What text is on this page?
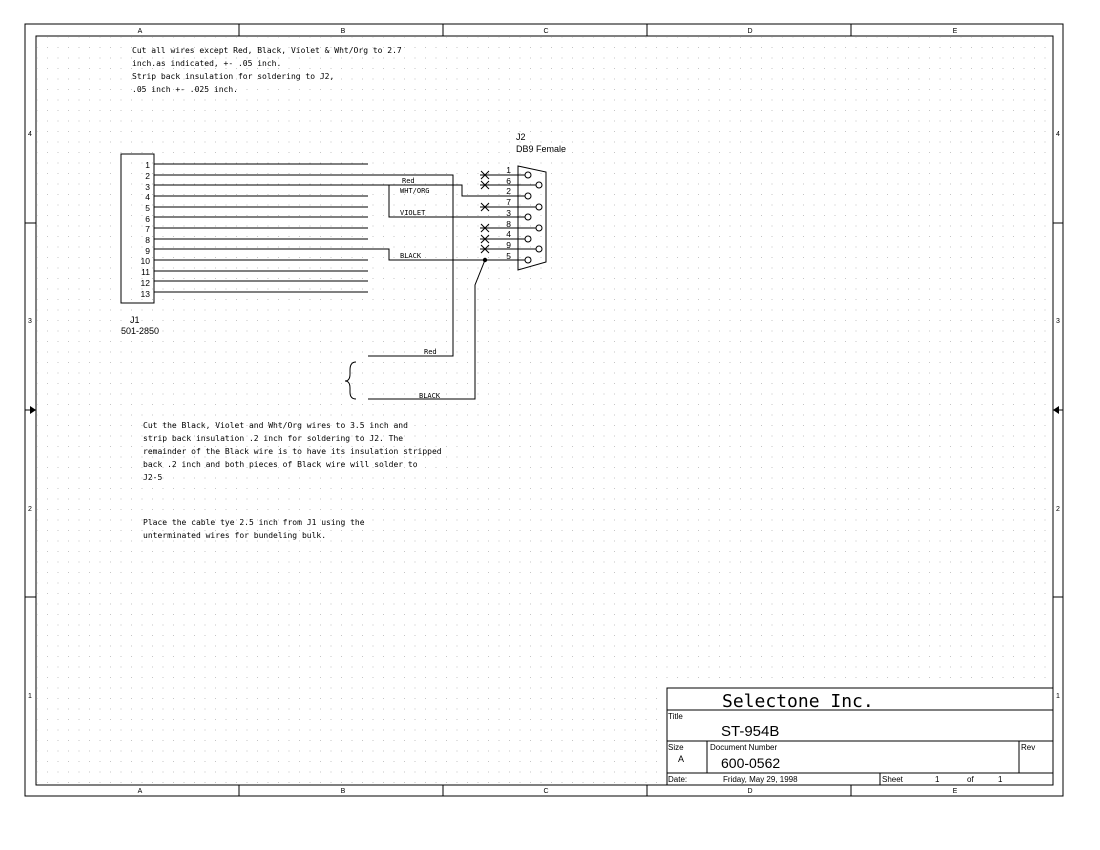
A	B	C	D	E
A	B	C	D	E
4
3
2
1
4
3
2
1
Cut all wires except Red, Black, Violet & Wht/Org to 2.7
inch.as indicated, +- .05 inch.
Strip back insulation for soldering to J2,
.05 inch +- .025 inch.
Cut the Black, Violet and Wht/Org wires to 3.5 inch and
strip back insulation .2 inch for soldering to J2. The
remainder of the Black wire is to have its insulation stripped
back .2 inch and both pieces of Black wire will solder to
J2-5
Place the cable tye 2.5 inch from J1 using the
unterminated wires for bundeling bulk.
1
2
3
4
5
6
7
8
9
10
11
12
13
J1
501-2850
Red
WHT/ORG
VIOLET
BLACK
Red
BLACK
J2
DB9 Female
1
6
2
7
3
8
4
9
5
Selectone Inc.
Title
ST-954B
Size
A
Document Number
600-0562
Rev
Date:	Friday, May 29, 1998	Sheet	1	of	1
